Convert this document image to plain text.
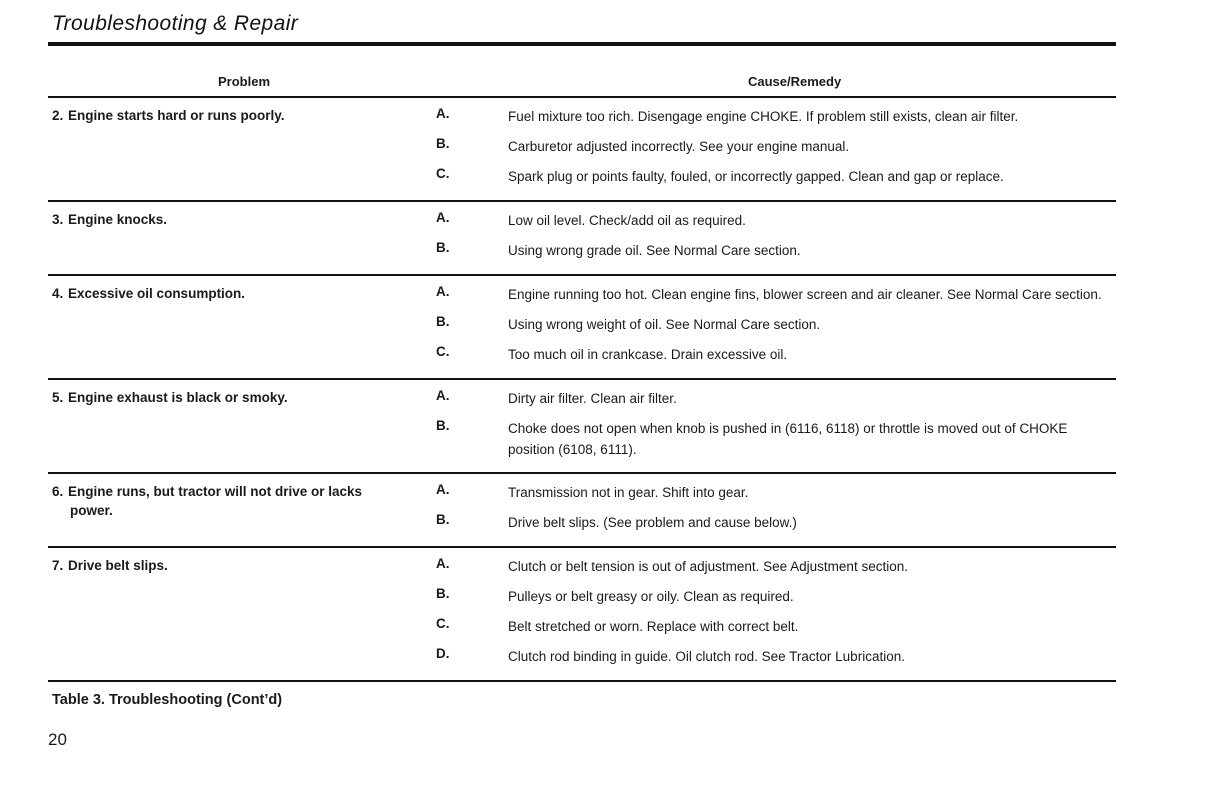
Troubleshooting & Repair
Problem	Cause/Remedy
2. Engine starts hard or runs poorly.	A.	Fuel mixture too rich. Disengage engine CHOKE. If problem still exists, clean air filter.
B.	Carburetor adjusted incorrectly. See your engine manual.
C.	Spark plug or points faulty, fouled, or incorrectly gapped. Clean and gap or replace.
3. Engine knocks.	A.	Low oil level. Check/add oil as required.
B.	Using wrong grade oil. See Normal Care section.
4. Excessive oil consumption.	A.	Engine running too hot. Clean engine fins, blower screen and air cleaner. See Normal Care section.
B.	Using wrong weight of oil. See Normal Care section.
C.	Too much oil in crankcase. Drain excessive oil.
5. Engine exhaust is black or smoky.	A.	Dirty air filter. Clean air filter.
B.	Choke does not open when knob is pushed in (6116, 6118) or throttle is moved out of CHOKE position (6108, 6111).
6. Engine runs, but tractor will not drive or lacks
power.
A.	Transmission not in gear. Shift into gear.
B.	Drive belt slips. (See problem and cause below.)
7. Drive belt slips.	A.	Clutch or belt tension is out of adjustment. See Adjustment section.
B.	Pulleys or belt greasy or oily. Clean as required.
C.	Belt stretched or worn. Replace with correct belt.
D.	Clutch rod binding in guide. Oil clutch rod. See Tractor Lubrication.
Table 3. Troubleshooting (Cont’d)
20
